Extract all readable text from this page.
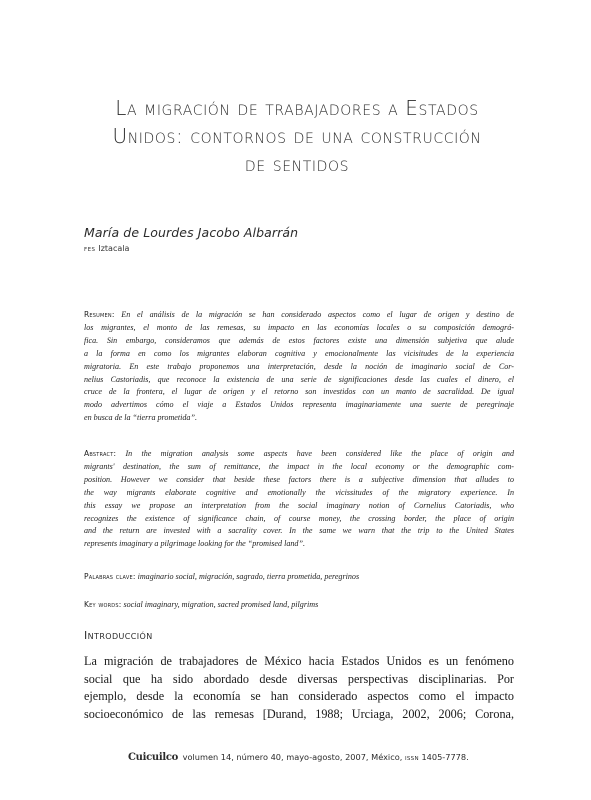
La migración de trabajadores a Estados
Unidos: contornos de una construcción
de sentidos
María de Lourdes Jacobo Albarrán
FES Iztacala
Resumen: En el análisis de la migración se han considerado aspectos como el lugar de origen y destino de
los migrantes, el monto de las remesas, su impacto en las economías locales o su composición demográ-
fica. Sin embargo, consideramos que además de estos factores existe una dimensión subjetiva que alude
a la forma en como los migrantes elaboran cognitiva y emocionalmente las vicisitudes de la experiencia
migratoria. En este trabajo proponemos una interpretación, desde la noción de imaginario social de Cor-
nelius Castoriadis, que reconoce la existencia de una serie de significaciones desde las cuales el dinero, el
cruce de la frontera, el lugar de origen y el retorno son investidos con un manto de sacralidad. De igual
modo advertimos cómo el viaje a Estados Unidos representa imaginariamente una suerte de peregrinaje
en busca de la “tierra prometida”.
Abstract: In the migration analysis some aspects have been considered like the place of origin and
migrants' destination, the sum of remittance, the impact in the local economy or the demographic com-
position. However we consider that beside these factors there is a subjective dimension that alludes to
the way migrants elaborate cognitive and emotionally the vicissitudes of the migratory experience. In
this essay we propose an interpretation from the social imaginary notion of Cornelius Catoriadis, who
recognizes the existence of significance chain, of course money, the crossing border, the place of origin
and the return are invested with a sacrality cover. In the same we warn that the trip to the United States
represents imaginary a pilgrimage looking for the “promised land”.
Palabras clave: imaginario social, migración, sagrado, tierra prometida, peregrinos
Key words: social imaginary, migration, sacred promised land, pilgrims
Introducción
La migración de trabajadores de México hacia Estados Unidos es un fenómeno
social que ha sido abordado desde diversas perspectivas disciplinarias. Por
ejemplo, desde la economía se han considerado aspectos como el impacto
socioeconómico de las remesas [Durand, 1988; Urciaga, 2002, 2006; Corona,
Cuicuilco volumen 14, número 40, mayo-agosto, 2007, México, ISSN 1405-7778.
